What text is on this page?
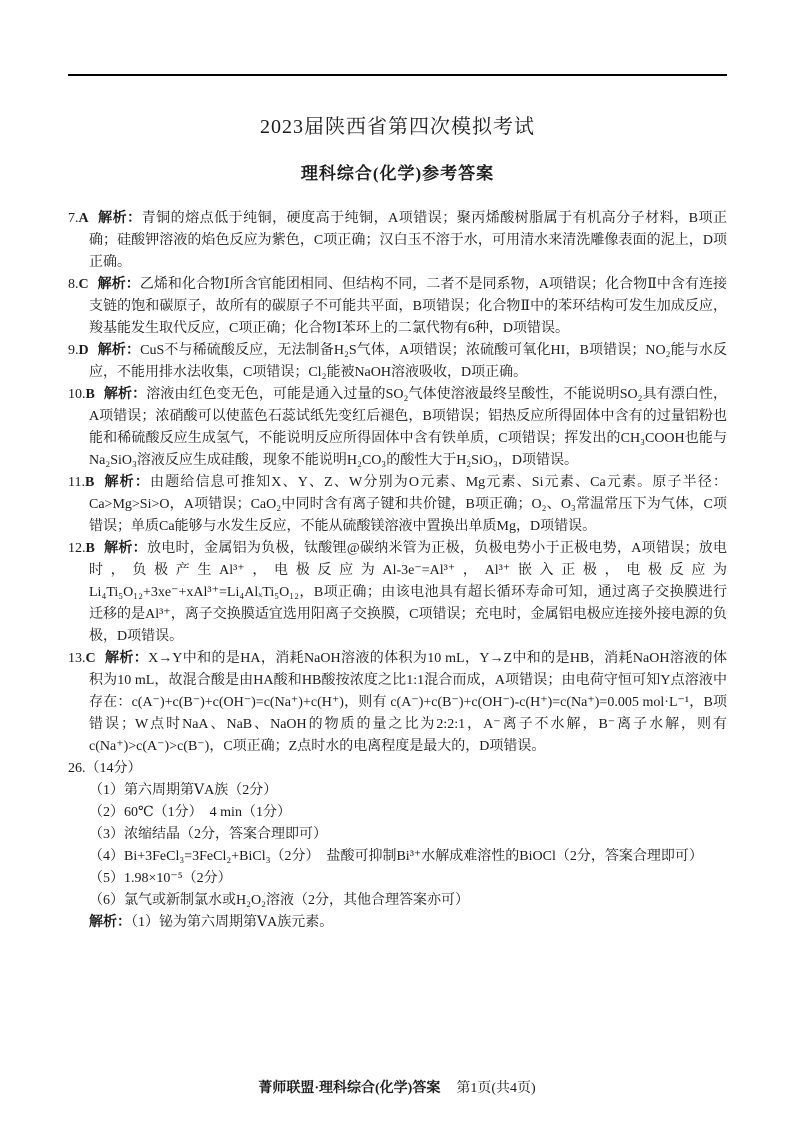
2023届陕西省第四次模拟考试
理科综合(化学)参考答案

7.A 解析：青铜的熔点低于纯铜，硬度高于纯铜，A项错误；聚丙烯酸树脂属于有机高分子材料，B项正确；硅酸钾溶液的焰色反应为紫色，C项正确；汉白玉不溶于水，可用清水来清洗雕像表面的泥上，D项正确。

8.C 解析：乙烯和化合物Ⅰ所含官能团相同、但结构不同，二者不是同系物，A项错误；化合物Ⅱ中含有连接支链的饱和碳原子，故所有的碳原子不可能共平面，B项错误；化合物Ⅱ中的苯环结构可发生加成反应，羧基能发生取代反应，C项正确；化合物Ⅰ苯环上的二氯代物有6种，D项错误。

9.D 解析：CuS不与稀硫酸反应，无法制备H₂S气体，A项错误；浓硫酸可氧化HI，B项错误；NO₂能与水反应，不能用排水法收集，C项错误；Cl₂能被NaOH溶液吸收，D项正确。

10.B 解析：溶液由红色变无色，可能是通入过量的SO₂气体使溶液最终呈酸性，不能说明SO₂具有漂白性，A项错误；浓硝酸可以使蓝色石蕊试纸先变红后褪色，B项错误；铝热反应所得固体中含有的过量铝粉也能和稀硫酸反应生成氢气，不能说明反应所得固体中含有铁单质，C项错误；挥发出的CH₃COOH也能与Na₂SiO₃溶液反应生成硅酸，现象不能说明H₂CO₃的酸性大于H₂SiO₃，D项错误。

11.B 解析：由题给信息可推知X、Y、Z、W分别为O元素、Mg元素、Si元素、Ca元素。原子半径：Ca>Mg>Si>O，A项错误；CaO₂中同时含有离子键和共价键，B项正确；O₂、O₃常温常压下为气体，C项错误；单质Ca能够与水发生反应，不能从硫酸镁溶液中置换出单质Mg，D项错误。

12.B 解析：放电时，金属铝为负极，钛酸锂@碳纳米管为正极，负极电势小于正极电势，A项错误；放电时，负极产生Al³⁺，电极反应为Al-3e⁻=Al³⁺，Al³⁺嵌入正极，电极反应为Li₄Ti₅O₁₂+3xe⁻+xAl³⁺=Li₄AlₓTi₅O₁₂，B项正确；由该电池具有超长循环寿命可知，通过离子交换膜进行迁移的是Al³⁺，离子交换膜适宜选用阳离子交换膜，C项错误；充电时，金属铝电极应连接外接电源的负极，D项错误。

13.C 解析：X→Y中和的是HA，消耗NaOH溶液的体积为10 mL，Y→Z中和的是HB，消耗NaOH溶液的体积为10 mL，故混合酸是由HA酸和HB酸按浓度之比1:1混合而成，A项错误；由电荷守恒可知Y点溶液中存在：c(A⁻)+c(B⁻)+c(OH⁻)=c(Na⁺)+c(H⁺)，则有 c(A⁻)+c(B⁻)+c(OH⁻)-c(H⁺)=c(Na⁺)=0.005 mol·L⁻¹，B项错误；W点时NaA、NaB、NaOH的物质的量之比为2:2:1，A⁻离子不水解，B⁻离子水解，则有c(Na⁺)>c(A⁻)>c(B⁻)，C项正确；Z点时水的电离程度是最大的，D项错误。

26.（14分）

（1）第六周期第ⅤA族（2分）

（2）60℃（1分）　4 min（1分）

（3）浓缩结晶（2分，答案合理即可）

（4）Bi+3FeCl₃=3FeCl₂+BiCl₃（2分）　盐酸可抑制Bi³⁺水解成难溶性的BiOCl（2分，答案合理即可）

（5）1.98×10⁻⁵（2分）

（6）氯气或新制氯水或H₂O₂溶液（2分，其他合理答案亦可）

解析：（1）铋为第六周期第ⅤA族元素。

菁师联盟·理科综合(化学)答案 第1页(共4页)
